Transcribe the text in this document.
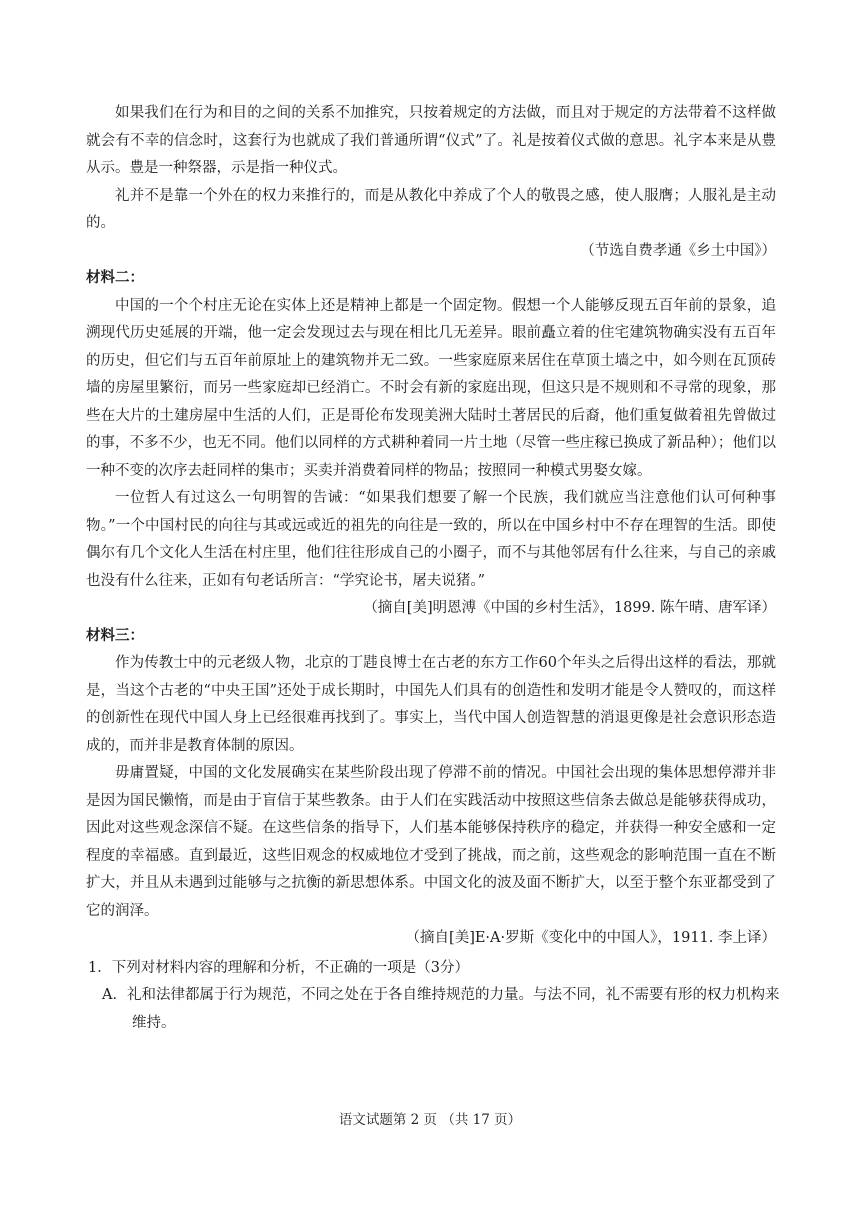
如果我们在行为和目的之间的关系不加推究，只按着规定的方法做，而且对于规定的方法带着不这样做就会有不幸的信念时，这套行为也就成了我们普通所谓“仪式”了。礼是按着仪式做的意思。礼字本来是从豊从示。豊是一种祭器，示是指一种仪式。

礼并不是靠一个外在的权力来推行的，而是从教化中养成了个人的敬畏之感，使人服膺；人服礼是主动的。

（节选自费孝通《乡土中国》）

材料二：

中国的一个个村庄无论在实体上还是精神上都是一个固定物。假想一个人能够反现五百年前的景象，追溯现代历史延展的开端，他一定会发现过去与现在相比几无差异。眼前矗立着的住宅建筑物确实没有五百年的历史，但它们与五百年前原址上的建筑物并无二致。一些家庭原来居住在草顶土墙之中，如今则在瓦顶砖墙的房屋里繁衍，而另一些家庭却已经消亡。不时会有新的家庭出现，但这只是不规则和不寻常的现象，那些在大片的土建房屋中生活的人们，正是哥伦布发现美洲大陆时土著居民的后裔，他们重复做着祖先曾做过的事，不多不少，也无不同。他们以同样的方式耕种着同一片土地（尽管一些庄稼已换成了新品种）；他们以一种不变的次序去赶同样的集市；买卖并消费着同样的物品；按照同一种模式男娶女嫁。

一位哲人有过这么一句明智的告诫：“如果我们想要了解一个民族，我们就应当注意他们认可何种事物。”一个中国村民的向往与其或远或近的祖先的向往是一致的，所以在中国乡村中不存在理智的生活。即使偶尔有几个文化人生活在村庄里，他们往往形成自己的小圈子，而不与其他邻居有什么往来，与自己的亲戚也没有什么往来，正如有句老话所言：“学究论书，屠夫说猪。”

（摘自[美]明恩溥《中国的乡村生活》，1899. 陈午晴、唐军译）

材料三：

作为传教士中的元老级人物，北京的丁韪良博士在古老的东方工作60个年头之后得出这样的看法，那就是，当这个古老的“中央王国”还处于成长期时，中国先人们具有的创造性和发明才能是令人赞叹的，而这样的创新性在现代中国人身上已经很难再找到了。事实上，当代中国人创造智慧的消退更像是社会意识形态造成的，而并非是教育体制的原因。

毋庸置疑，中国的文化发展确实在某些阶段出现了停滞不前的情况。中国社会出现的集体思想停滞并非是因为国民懒惰，而是由于盲信于某些教条。由于人们在实践活动中按照这些信条去做总是能够获得成功，因此对这些观念深信不疑。在这些信条的指导下，人们基本能够保持秩序的稳定，并获得一种安全感和一定程度的幸福感。直到最近，这些旧观念的权威地位才受到了挑战，而之前，这些观念的影响范围一直在不断扩大，并且从未遇到过能够与之抗衡的新思想体系。中国文化的波及面不断扩大，以至于整个东亚都受到了它的润泽。

（摘自[美]E·A·罗斯《变化中的中国人》，1911. 李上译）

1．下列对材料内容的理解和分析，不正确的一项是（3分）

A．礼和法律都属于行为规范，不同之处在于各自维持规范的力量。与法不同，礼不需要有形的权力机构来维持。

语文试题第 2 页 （共 17 页）
